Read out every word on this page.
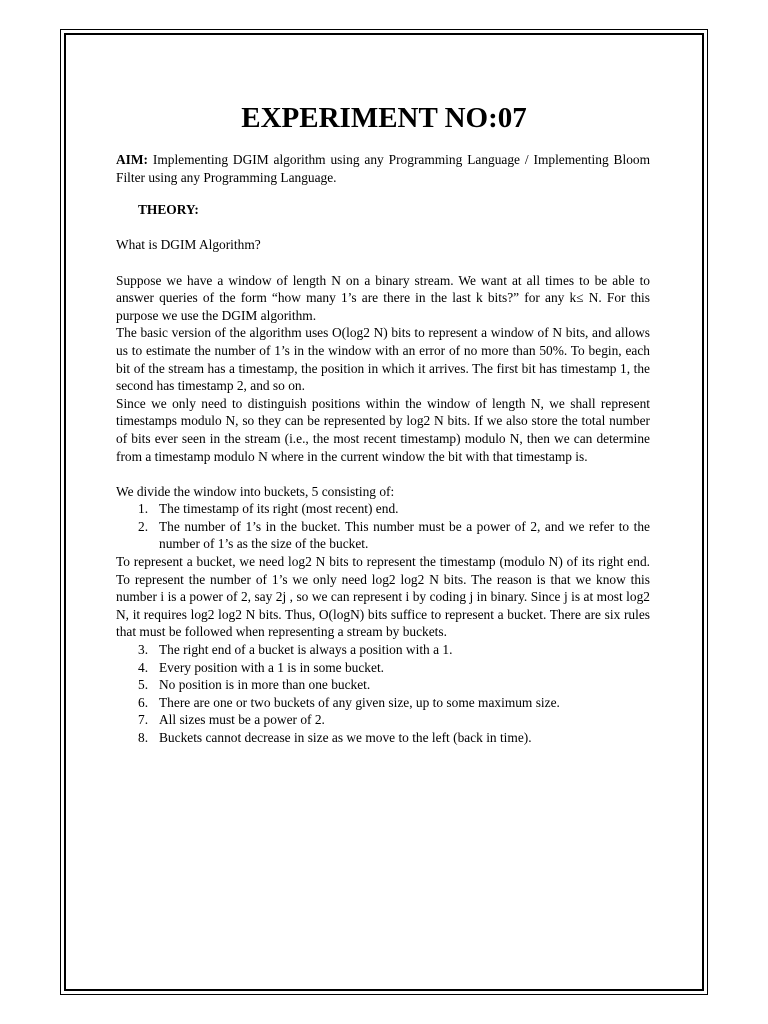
EXPERIMENT NO:07

AIM: Implementing DGIM algorithm using any Programming Language / Implementing Bloom Filter using any Programming Language.

THEORY:

What is DGIM Algorithm?

Suppose we have a window of length N on a binary stream. We want at all times to be able to answer queries of the form “how many 1’s are there in the last k bits?” for any k≤ N. For this purpose we use the DGIM algorithm.

The basic version of the algorithm uses O(log2 N) bits to represent a window of N bits, and allows us to estimate the number of 1’s in the window with an error of no more than 50%. To begin, each bit of the stream has a timestamp, the position in which it arrives. The first bit has timestamp 1, the second has timestamp 2, and so on.

Since we only need to distinguish positions within the window of length N, we shall represent timestamps modulo N, so they can be represented by log2 N bits. If we also store the total number of bits ever seen in the stream (i.e., the most recent timestamp) modulo N, then we can determine from a timestamp modulo N where in the current window the bit with that timestamp is.

We divide the window into buckets, 5 consisting of:

1. The timestamp of its right (most recent) end.
2. The number of 1’s in the bucket. This number must be a power of 2, and we refer to the number of 1’s as the size of the bucket.

To represent a bucket, we need log2 N bits to represent the timestamp (modulo N) of its right end. To represent the number of 1’s we only need log2 log2 N bits. The reason is that we know this number i is a power of 2, say 2j , so we can represent i by coding j in binary. Since j is at most log2 N, it requires log2 log2 N bits. Thus, O(logN) bits suffice to represent a bucket. There are six rules that must be followed when representing a stream by buckets.

3. The right end of a bucket is always a position with a 1.
4. Every position with a 1 is in some bucket.
5. No position is in more than one bucket.
6. There are one or two buckets of any given size, up to some maximum size.
7. All sizes must be a power of 2.
8. Buckets cannot decrease in size as we move to the left (back in time).
